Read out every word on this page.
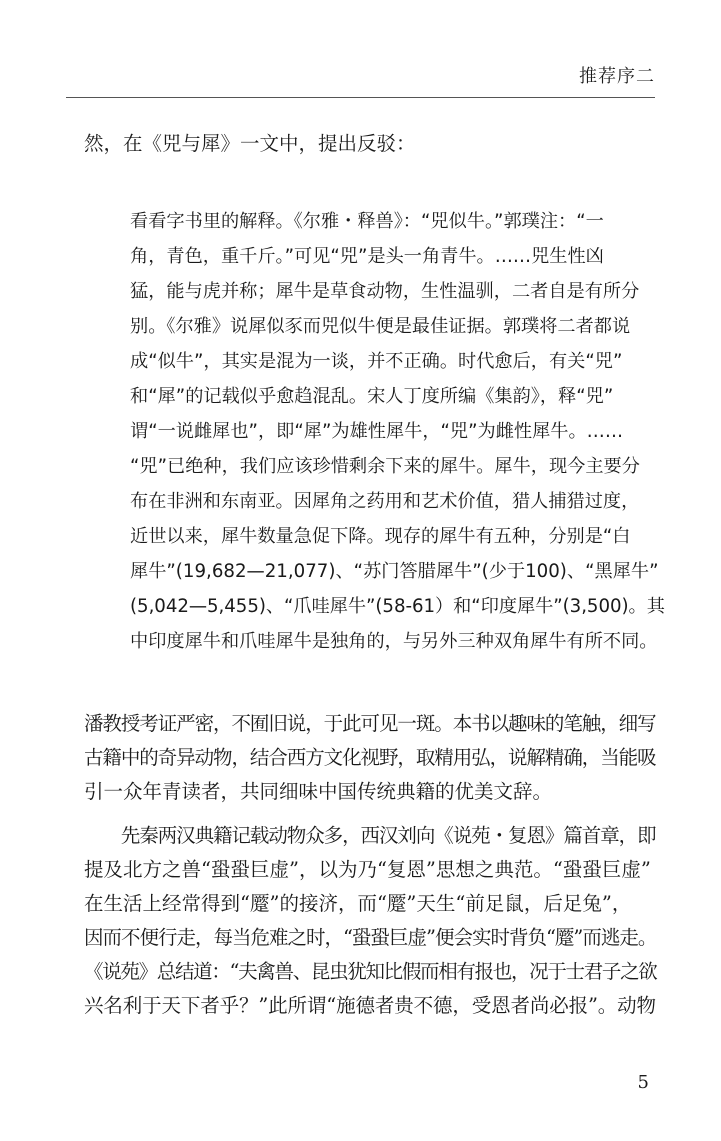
推荐序二
然，在《兕与犀》一文中，提出反驳：
看看字书里的解释。《尔雅・释兽》：“兕似牛。”郭璞注：“一
角，青色，重千斤。”可见“兕”是头一角青牛。……兕生性凶
猛，能与虎并称；犀牛是草食动物，生性温驯，二者自是有所分
别。《尔雅》说犀似豕而兕似牛便是最佳证据。郭璞将二者都说
成“似牛”，其实是混为一谈，并不正确。时代愈后，有关“兕”
和“犀”的记载似乎愈趋混乱。宋人丁度所编《集韵》，释“兕”
谓“一说雌犀也”，即“犀”为雄性犀牛，“兕”为雌性犀牛。……
“兕”已绝种，我们应该珍惜剩余下来的犀牛。犀牛，现今主要分
布在非洲和东南亚。因犀角之药用和艺术价值，猎人捕猎过度，
近世以来，犀牛数量急促下降。现存的犀牛有五种，分别是“白
犀牛”(19,682—21,077)、“苏门答腊犀牛”(少于100)、“黑犀牛”
(5,042—5,455)、“爪哇犀牛”(58-61）和“印度犀牛”(3,500)。其
中印度犀牛和爪哇犀牛是独角的，与另外三种双角犀牛有所不同。
潘教授考证严密，不囿旧说，于此可见一斑。本书以趣味的笔触，细写
古籍中的奇异动物，结合西方文化视野，取精用弘，说解精确，当能吸
引一众年青读者，共同细味中国传统典籍的优美文辞。
　　先秦两汉典籍记载动物众多，西汉刘向《说苑・复恩》篇首章，即
提及北方之兽“蛩蛩巨虚”，以为乃“复恩”思想之典范。“蛩蛩巨虚”
在生活上经常得到“蹷”的接济，而“蹷”天生“前足鼠，后足兔”，
因而不便行走，每当危难之时，“蛩蛩巨虚”便会实时背负“蹷”而逃走。
《说苑》总结道：“夫禽兽、昆虫犹知比假而相有报也，况于士君子之欲
兴名利于天下者乎？”此所谓“施德者贵不德，受恩者尚必报”。动物
5
